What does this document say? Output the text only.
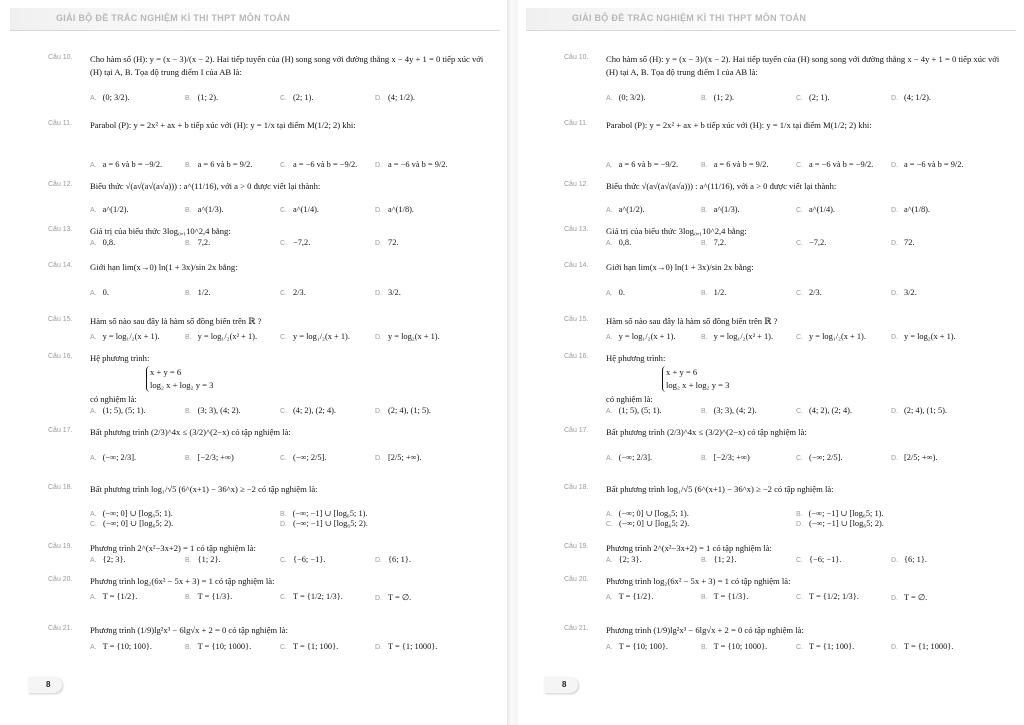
GIẢI BỘ ĐỀ TRẮC NGHIỆM KÌ THI THPT MÔN TOÁN
Câu 10. Cho hàm số (H): y = (x − 3)/(x − 2). Hai tiếp tuyến của (H) song song với đường thẳng x − 4y + 1 = 0 tiếp xúc với (H) tại A, B. Tọa độ trung điểm I của AB là:
A. (0; 3/2).	B. (1; 2).	C. (2; 1).	D. (4; 1/2).
Câu 11. Parabol (P): y = 2x² + ax + b tiếp xúc với (H): y = 1/x tại điểm M(1/2; 2) khi:
A. a = 6 và b = −9/2.	B. a = 6 và b = 9/2.	C. a = −6 và b = −9/2.	D. a = −6 và b = 9/2.
Câu 12. Biểu thức √(a√(a√(a√a))) : a^(11/16), với a > 0 được viết lại thành:
A. a^(1/2).	B. a^(1/3).	C. a^(1/4).	D. a^(1/8).
Câu 13. Giá trị của biểu thức 3log₀,₁10^2,4 bằng:
A. 0,8.	B. 7,2.	C. −7,2.	D. 72.
Câu 14. Giới hạn lim(x→0) ln(1 + 3x)/sin 2x bằng:
A. 0.	B. 1/2.	C. 2/3.	D. 3/2.
Câu 15. Hàm số nào sau đây là hàm số đồng biến trên ℝ ?
A. y = log₁/₂(x + 1).	B. y = log₁/₂(x² + 1).	C. y = log₁/₂(x + 1).	D. y = log₂(x + 1).
Câu 16. Hệ phương trình:
x + y = 6
log₂ x + log₂ y = 3
có nghiệm là:
A. (1; 5), (5; 1).	B. (3; 3), (4; 2).	C. (4; 2), (2; 4).	D. (2; 4), (1; 5).
Câu 17. Bất phương trình (2/3)^4x ≤ (3/2)^(2−x) có tập nghiệm là:
A. (−∞; 2/3].	B. [−2/3; +∞)	C. (−∞; 2/5].	D. [2/5; +∞).
Câu 18. Bất phương trình log₁/√5 (6^(x+1) − 36^x) ≥ −2 có tập nghiệm là:
A. (−∞; 0] ∪ [log₆5; 1).	B. (−∞; −1] ∪ [log₆5; 1).
C. (−∞; 0] ∪ [log₆5; 2).	D. (−∞; −1] ∪ [log₆5; 2).
Câu 19. Phương trình 2^(x²−3x+2) = 1 có tập nghiệm là:
A. {2; 3}.	B. {1; 2}.	C. {−6; −1}.	D. {6; 1}.
Câu 20. Phương trình log₂(6x² − 5x + 3) = 1 có tập nghiệm là:
A. T = {1/2}.	B. T = {1/3}.	C. T = {1/2; 1/3}.	D. T = ∅.
Câu 21. Phương trình (1/9)lg²x³ − 6lg√x + 2 = 0 có tập nghiệm là:
A. T = {10; 100}.	B. T = {10; 1000}.	C. T = {1; 100}.	D. T = {1; 1000}.
8
GIẢI BỘ ĐỀ TRẮC NGHIỆM KÌ THI THPT MÔN TOÁN
Câu 10. Cho hàm số (H): y = (x − 3)/(x − 2). Hai tiếp tuyến của (H) song song với đường thẳng x − 4y + 1 = 0 tiếp xúc với (H) tại A, B. Tọa độ trung điểm I của AB là:
A. (0; 3/2).	B. (1; 2).	C. (2; 1).	D. (4; 1/2).
Câu 11. Parabol (P): y = 2x² + ax + b tiếp xúc với (H): y = 1/x tại điểm M(1/2; 2) khi:
A. a = 6 và b = −9/2.	B. a = 6 và b = 9/2.	C. a = −6 và b = −9/2.	D. a = −6 và b = 9/2.
Câu 12. Biểu thức √(a√(a√(a√a))) : a^(11/16), với a > 0 được viết lại thành:
A. a^(1/2).	B. a^(1/3).	C. a^(1/4).	D. a^(1/8).
Câu 13. Giá trị của biểu thức 3log₀,₁10^2,4 bằng:
A. 0,8.	B. 7,2.	C. −7,2.	D. 72.
Câu 14. Giới hạn lim(x→0) ln(1 + 3x)/sin 2x bằng:
A. 0.	B. 1/2.	C. 2/3.	D. 3/2.
Câu 15. Hàm số nào sau đây là hàm số đồng biến trên ℝ ?
A. y = log₁/₂(x + 1).	B. y = log₁/₂(x² + 1).	C. y = log₁/₂(x + 1).	D. y = log₂(x + 1).
Câu 16. Hệ phương trình:
x + y = 6
log₂ x + log₂ y = 3
có nghiệm là:
A. (1; 5), (5; 1).	B. (3; 3), (4; 2).	C. (4; 2), (2; 4).	D. (2; 4), (1; 5).
Câu 17. Bất phương trình (2/3)^4x ≤ (3/2)^(2−x) có tập nghiệm là:
A. (−∞; 2/3].	B. [−2/3; +∞)	C. (−∞; 2/5].	D. [2/5; +∞).
Câu 18. Bất phương trình log₁/√5 (6^(x+1) − 36^x) ≥ −2 có tập nghiệm là:
A. (−∞; 0] ∪ [log₆5; 1).	B. (−∞; −1] ∪ [log₆5; 1).
C. (−∞; 0] ∪ [log₆5; 2).	D. (−∞; −1] ∪ [log₆5; 2).
Câu 19. Phương trình 2^(x²−3x+2) = 1 có tập nghiệm là:
A. {2; 3}.	B. {1; 2}.	C. {−6; −1}.	D. {6; 1}.
Câu 20. Phương trình log₂(6x² − 5x + 3) = 1 có tập nghiệm là:
A. T = {1/2}.	B. T = {1/3}.	C. T = {1/2; 1/3}.	D. T = ∅.
Câu 21. Phương trình (1/9)lg²x³ − 6lg√x + 2 = 0 có tập nghiệm là:
A. T = {10; 100}.	B. T = {10; 1000}.	C. T = {1; 100}.	D. T = {1; 1000}.
8
